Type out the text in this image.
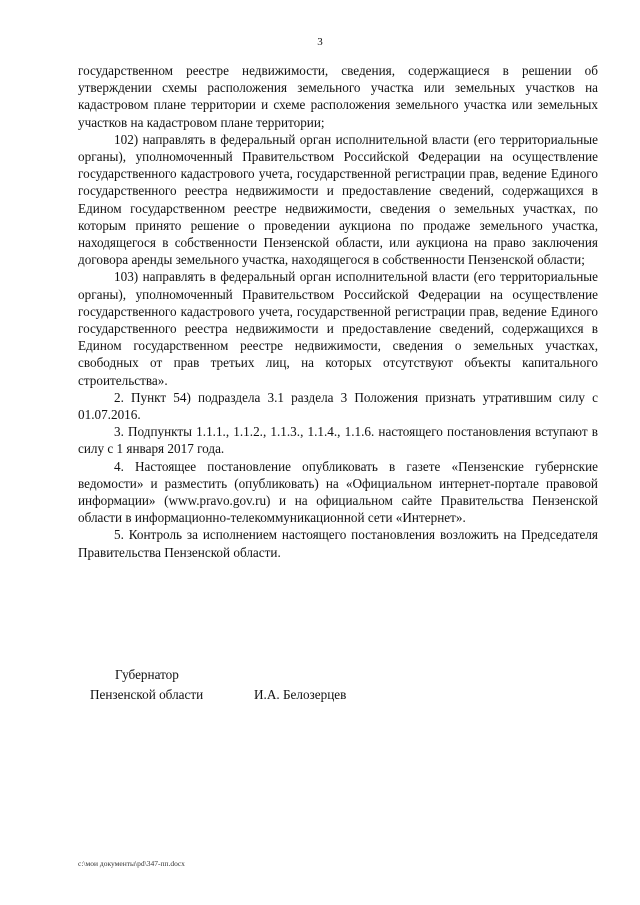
3

государственном реестре недвижимости, сведения, содержащиеся в решении об утверждении схемы расположения земельного участка или земельных участков на кадастровом плане территории и схеме расположения земельного участка или земельных участков на кадастровом плане территории;

102) направлять в федеральный орган исполнительной власти (его территориальные органы), уполномоченный Правительством Российской Федерации на осуществление государственного кадастрового учета, государственной регистрации прав, ведение Единого государственного реестра недвижимости и предоставление сведений, содержащихся в Едином государственном реестре недвижимости, сведения о земельных участках, по которым принято решение о проведении аукциона по продаже земельного участка, находящегося в собственности Пензенской области, или аукциона на право заключения договора аренды земельного участка, находящегося в собственности Пензенской области;

103) направлять в федеральный орган исполнительной власти (его территориальные органы), уполномоченный Правительством Российской Федерации на осуществление государственного кадастрового учета, государственной регистрации прав, ведение Единого государственного реестра недвижимости и предоставление сведений, содержащихся в Едином государственном реестре недвижимости, сведения о земельных участках, свободных от прав третьих лиц, на которых отсутствуют объекты капитального строительства».

2. Пункт 54) подраздела 3.1 раздела 3 Положения признать утратившим силу с 01.07.2016.

3. Подпункты 1.1.1., 1.1.2., 1.1.3., 1.1.4., 1.1.6. настоящего постановления вступают в силу с 1 января 2017 года.

4. Настоящее постановление опубликовать в газете «Пензенские губернские ведомости» и разместить (опубликовать) на «Официальном интернет-портале правовой информации» (www.pravo.gov.ru) и на официальном сайте Правительства Пензенской области в информационно-телекоммуникационной сети «Интернет».

5. Контроль за исполнением настоящего постановления возложить на Председателя Правительства Пензенской области.

Губернатор
Пензенской области	И.А. Белозерцев
c:\мои документы\pd\347-пп.docx
